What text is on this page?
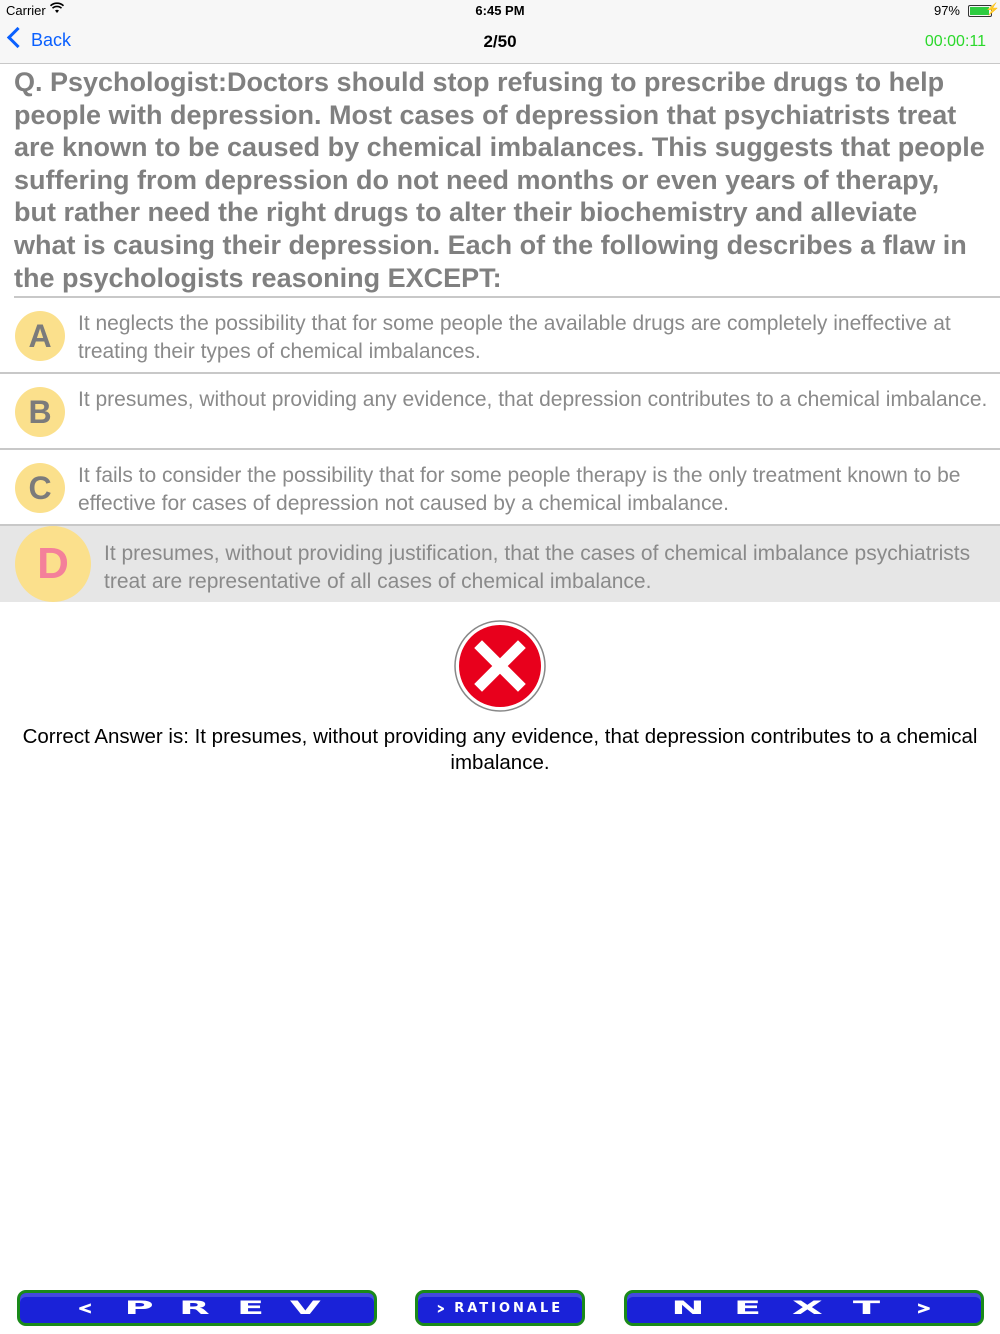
Carrier	6:45 PM	97% ⚡
Back	2/50	00:00:11
Q. Psychologist:Doctors should stop refusing to prescribe drugs to help people with depression. Most cases of depression that psychiatrists treat are known to be caused by chemical imbalances. This suggests that people suffering from depression do not need months or even years of therapy, but rather need the right drugs to alter their biochemistry and alleviate what is causing their depression. Each of the following describes a flaw in the psychologists reasoning EXCEPT:
A	It neglects the possibility that for some people the available drugs are completely ineffective at treating their types of chemical imbalances.
B	It presumes, without providing any evidence, that depression contributes to a chemical imbalance.
C	It fails to consider the possibility that for some people therapy is the only treatment known to be effective for cases of depression not caused by a chemical imbalance.
D	It presumes, without providing justification, that the cases of chemical imbalance psychiatrists treat are representative of all cases of chemical imbalance.
Correct Answer is: It presumes, without providing any evidence, that depression contributes to a chemical imbalance.
‹ P R E V	› RATIONALE	N E X T ›
